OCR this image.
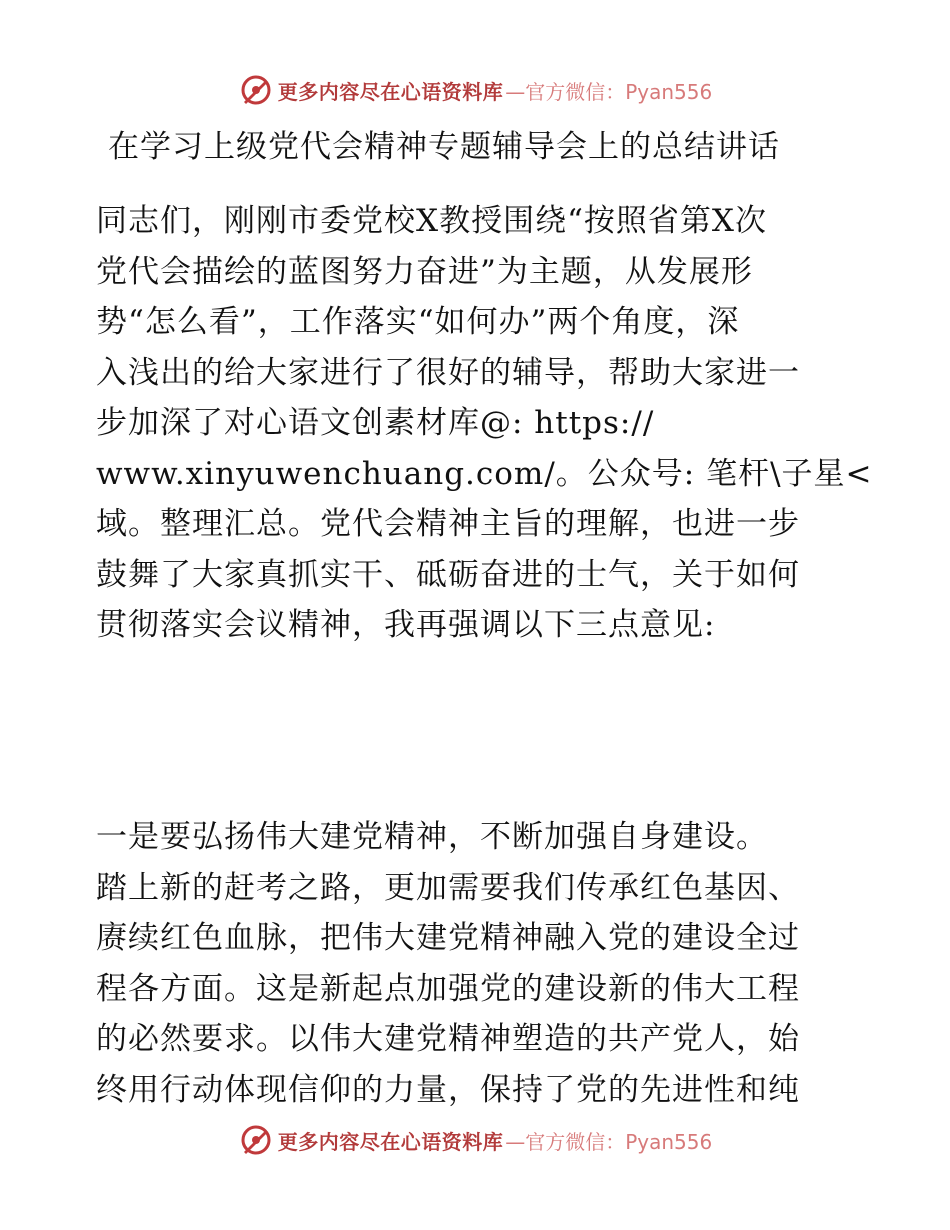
更多内容尽在心语资料库 —官方微信：Pyan556
在学习上级党代会精神专题辅导会上的总结讲话
同志们，刚刚市委党校X教授围绕“按照省第X次
党代会描绘的蓝图努力奋进”为主题，从发展形
势“怎么看”，工作落实“如何办”两个角度，深
入浅出的给大家进行了很好的辅导，帮助大家进一
步加深了对心语文创素材库@: https://
www.xinyuwenchuang.com/。公众号: 笔杆\子星<
域。整理汇总。党代会精神主旨的理解，也进一步
鼓舞了大家真抓实干、砥砺奋进的士气，关于如何
贯彻落实会议精神，我再强调以下三点意见:
一是要弘扬伟大建党精神，不断加强自身建设。
踏上新的赶考之路，更加需要我们传承红色基因、
赓续红色血脉，把伟大建党精神融入党的建设全过
程各方面。这是新起点加强党的建设新的伟大工程
的必然要求。以伟大建党精神塑造的共产党人，始
终用行动体现信仰的力量，保持了党的先进性和纯
更多内容尽在心语资料库 —官方微信：Pyan556
